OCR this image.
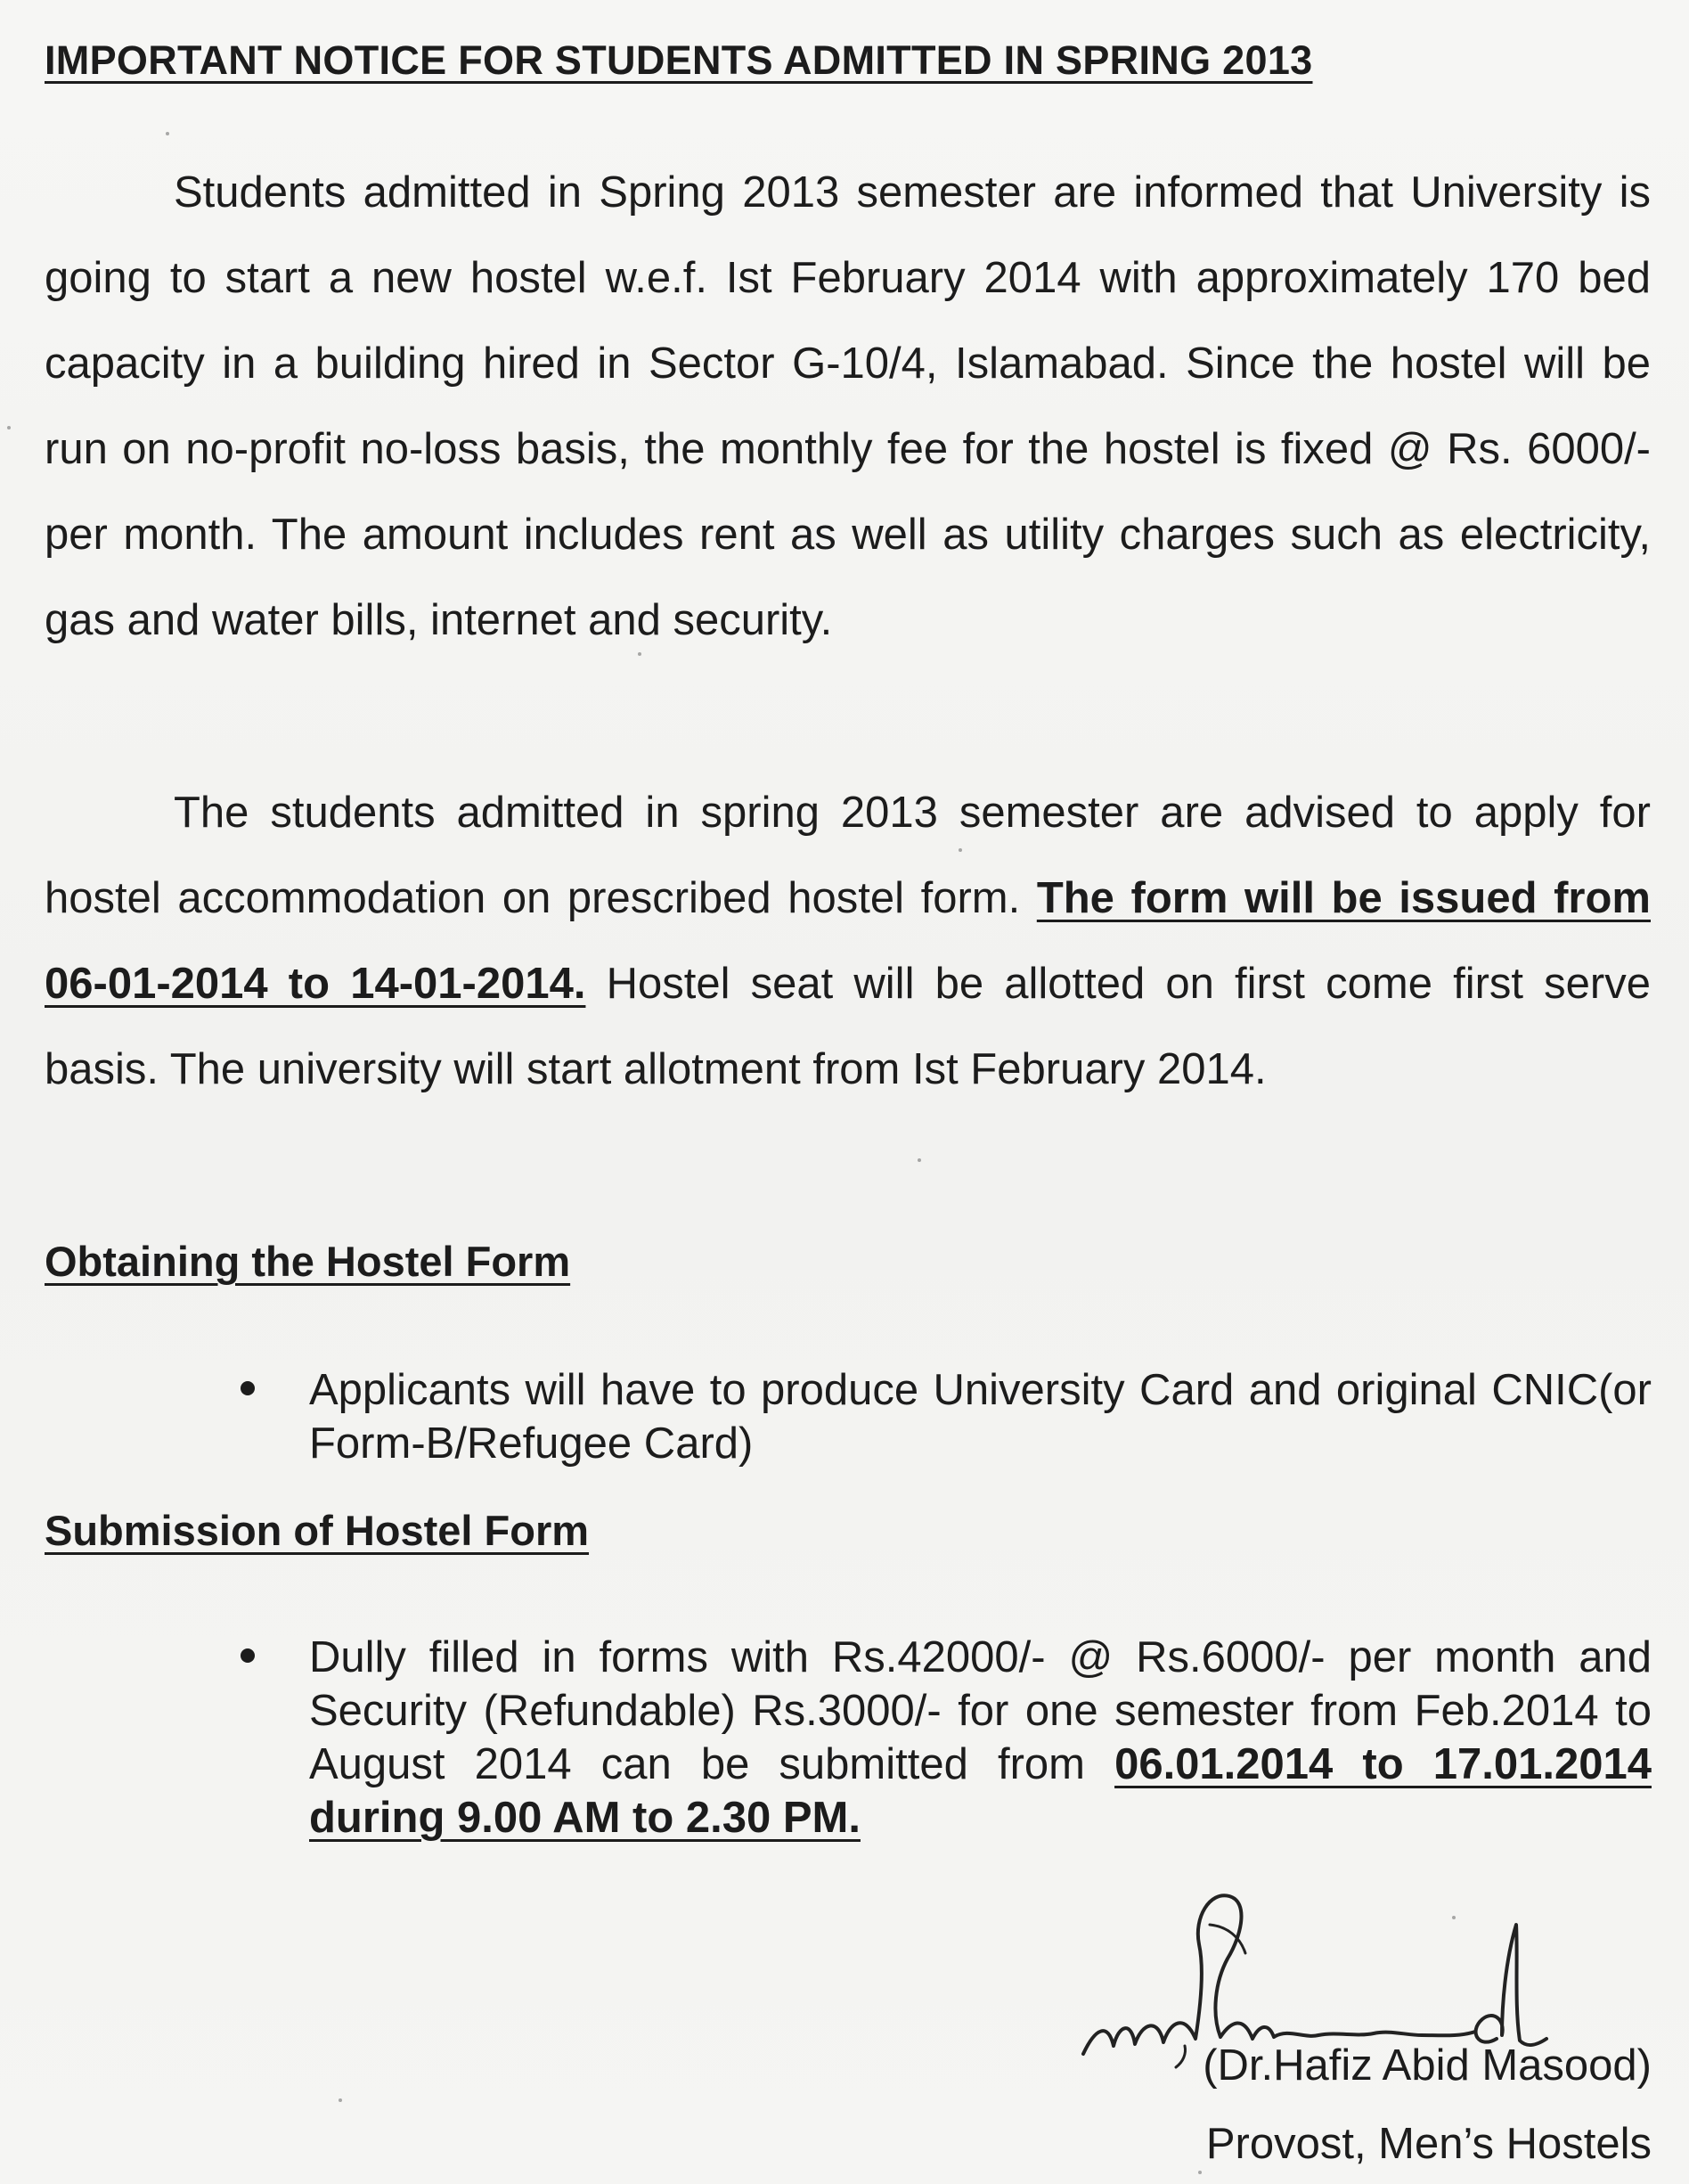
IMPORTANT NOTICE FOR STUDENTS ADMITTED IN SPRING 2013
Students admitted in Spring 2013 semester are informed that University is going to start a new hostel w.e.f. Ist February 2014 with approximately 170 bed capacity in a building hired in Sector G-10/4, Islamabad. Since the hostel will be run on no-profit no-loss basis, the monthly fee for the hostel is fixed @ Rs. 6000/- per month. The amount includes rent as well as utility charges such as electricity, gas and water bills, internet and security.
The students admitted in spring 2013 semester are advised to apply for hostel accommodation on prescribed hostel form. The form will be issued from 06-01-2014 to 14-01-2014. Hostel seat will be allotted on first come first serve basis. The university will start allotment from Ist February 2014.
Obtaining the Hostel Form
Applicants will have to produce University Card and original CNIC(or Form-B/Refugee Card)
Submission of Hostel Form
Dully filled in forms with Rs.42000/- @ Rs.6000/- per month and Security (Refundable) Rs.3000/- for one semester from Feb.2014 to August 2014 can be submitted from 06.01.2014 to 17.01.2014 during 9.00 AM to 2.30 PM.
(Dr.Hafiz Abid Masood)
Provost, Men’s Hostels
